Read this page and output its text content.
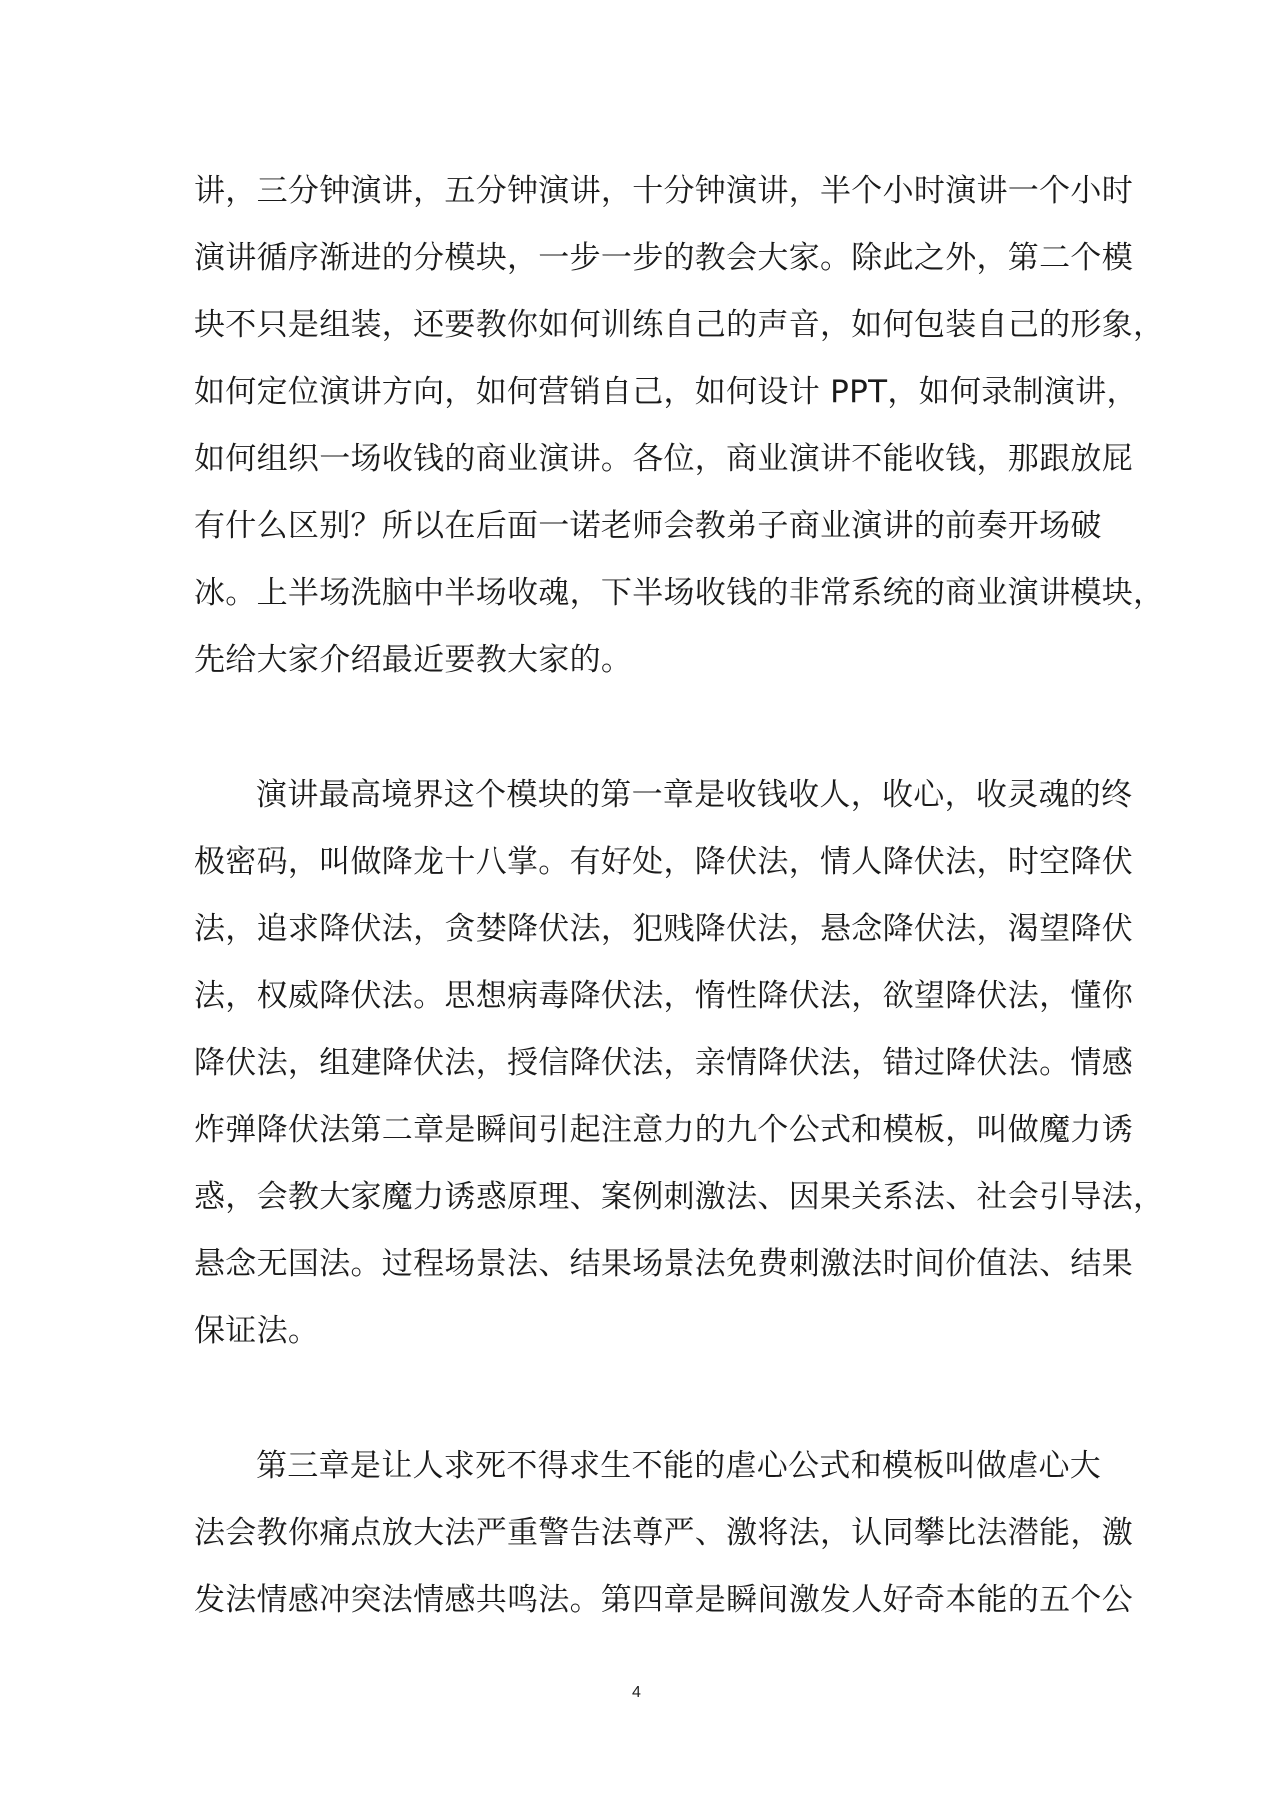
讲，三分钟演讲，五分钟演讲，十分钟演讲，半个小时演讲一个小时
演讲循序渐进的分模块，一步一步的教会大家。除此之外，第二个模
块不只是组装，还要教你如何训练自己的声音，如何包装自己的形象，
如何定位演讲方向，如何营销自己，如何设计 PPT，如何录制演讲，
如何组织一场收钱的商业演讲。各位，商业演讲不能收钱，那跟放屁
有什么区别？所以在后面一诺老师会教弟子商业演讲的前奏开场破
冰。上半场洗脑中半场收魂，下半场收钱的非常系统的商业演讲模块，
先给大家介绍最近要教大家的。
演讲最高境界这个模块的第一章是收钱收人，收心，收灵魂的终
极密码，叫做降龙十八掌。有好处，降伏法，情人降伏法，时空降伏
法，追求降伏法，贪婪降伏法，犯贱降伏法，悬念降伏法，渴望降伏
法，权威降伏法。思想病毒降伏法，惰性降伏法，欲望降伏法，懂你
降伏法，组建降伏法，授信降伏法，亲情降伏法，错过降伏法。情感
炸弹降伏法第二章是瞬间引起注意力的九个公式和模板，叫做魔力诱
惑，会教大家魔力诱惑原理、案例刺激法、因果关系法、社会引导法，
悬念无国法。过程场景法、结果场景法免费刺激法时间价值法、结果
保证法。
第三章是让人求死不得求生不能的虐心公式和模板叫做虐心大
法会教你痛点放大法严重警告法尊严、激将法，认同攀比法潜能，激
发法情感冲突法情感共鸣法。第四章是瞬间激发人好奇本能的五个公
4
